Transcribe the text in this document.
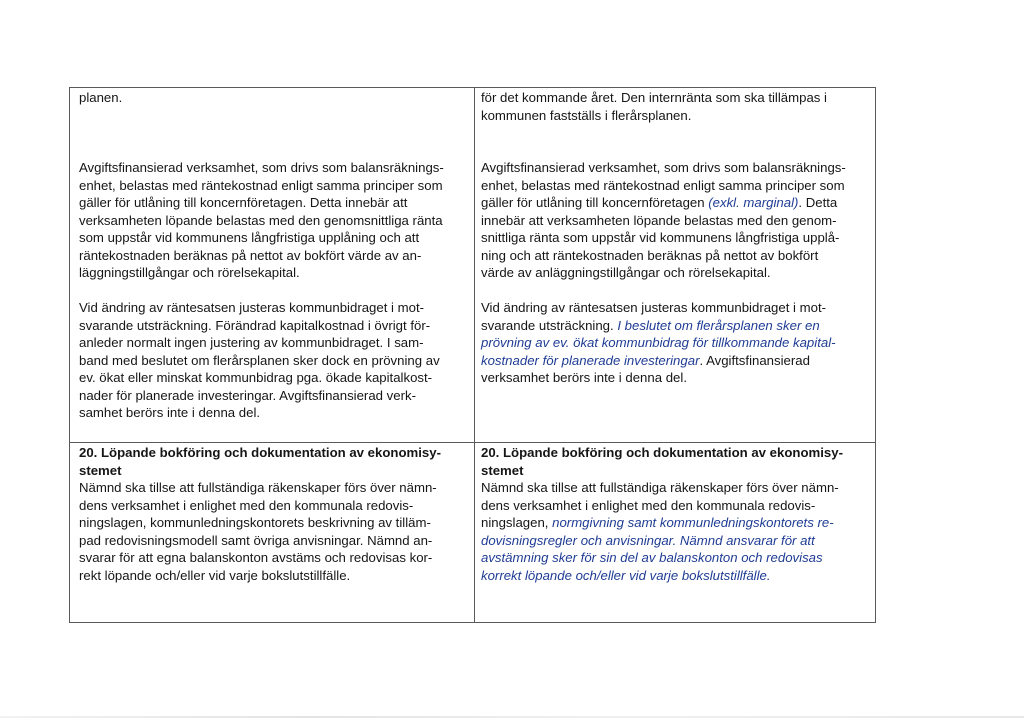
planen.

Avgiftsfinansierad verksamhet, som drivs som balansräknings-

enhet, belastas med räntekostnad enligt samma principer som

gäller för utlåning till koncernföretagen. Detta innebär att

verksamheten löpande belastas med den genomsnittliga ränta

som uppstår vid kommunens långfristiga upplåning och att

räntekostnaden beräknas på nettot av bokfört värde av an-

läggningstillgångar och rörelsekapital.

Vid ändring av räntesatsen justeras kommunbidraget i mot-

svarande utsträckning. Förändrad kapitalkostnad i övrigt för-

anleder normalt ingen justering av kommunbidraget. I sam-

band med beslutet om flerårsplanen sker dock en prövning av

ev. ökat eller minskat kommunbidrag pga. ökade kapitalkost-

nader för planerade investeringar. Avgiftsfinansierad verk-

samhet berörs inte i denna del.

för det kommande året. Den internränta som ska tillämpas i

kommunen fastställs i flerårsplanen.

Avgiftsfinansierad verksamhet, som drivs som balansräknings-

enhet, belastas med räntekostnad enligt samma principer som

gäller för utlåning till koncernföretagen (exkl. marginal). Detta

innebär att verksamheten löpande belastas med den genom-

snittliga ränta som uppstår vid kommunens långfristiga upplå-

ning och att räntekostnaden beräknas på nettot av bokfört

värde av anläggningstillgångar och rörelsekapital.

Vid ändring av räntesatsen justeras kommunbidraget i mot-

svarande utsträckning. I beslutet om flerårsplanen sker en

prövning av ev. ökat kommunbidrag för tillkommande kapital-

kostnader för planerade investeringar. Avgiftsfinansierad

verksamhet berörs inte i denna del.

20. Löpande bokföring och dokumentation av ekonomisy-

stemet

Nämnd ska tillse att fullständiga räkenskaper förs över nämn-

dens verksamhet i enlighet med den kommunala redovis-

ningslagen, kommunledningskontorets beskrivning av tilläm-

pad redovisningsmodell samt övriga anvisningar. Nämnd an-

svarar för att egna balanskonton avstäms och redovisas kor-

rekt löpande och/eller vid varje bokslutstillfälle.

20. Löpande bokföring och dokumentation av ekonomisy-

stemet

Nämnd ska tillse att fullständiga räkenskaper förs över nämn-

dens verksamhet i enlighet med den kommunala redovis-

ningslagen, normgivning samt kommunledningskontorets re-

dovisningsregler och anvisningar. Nämnd ansvarar för att

avstämning sker för sin del av balanskonton och redovisas

korrekt löpande och/eller vid varje bokslutstillfälle.
